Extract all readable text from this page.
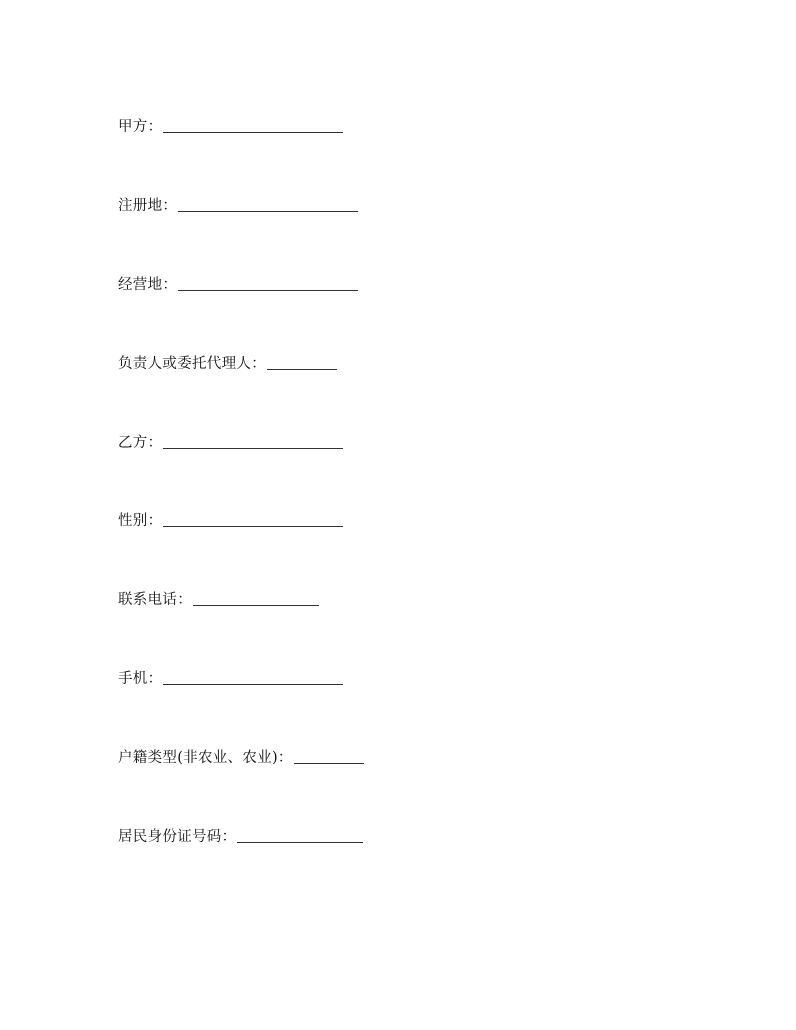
甲方：
注册地：
经营地：
负责人或委托代理人：
乙方：
性别：
联系电话：
手机：
户籍类型(非农业、农业)：
居民身份证号码：
